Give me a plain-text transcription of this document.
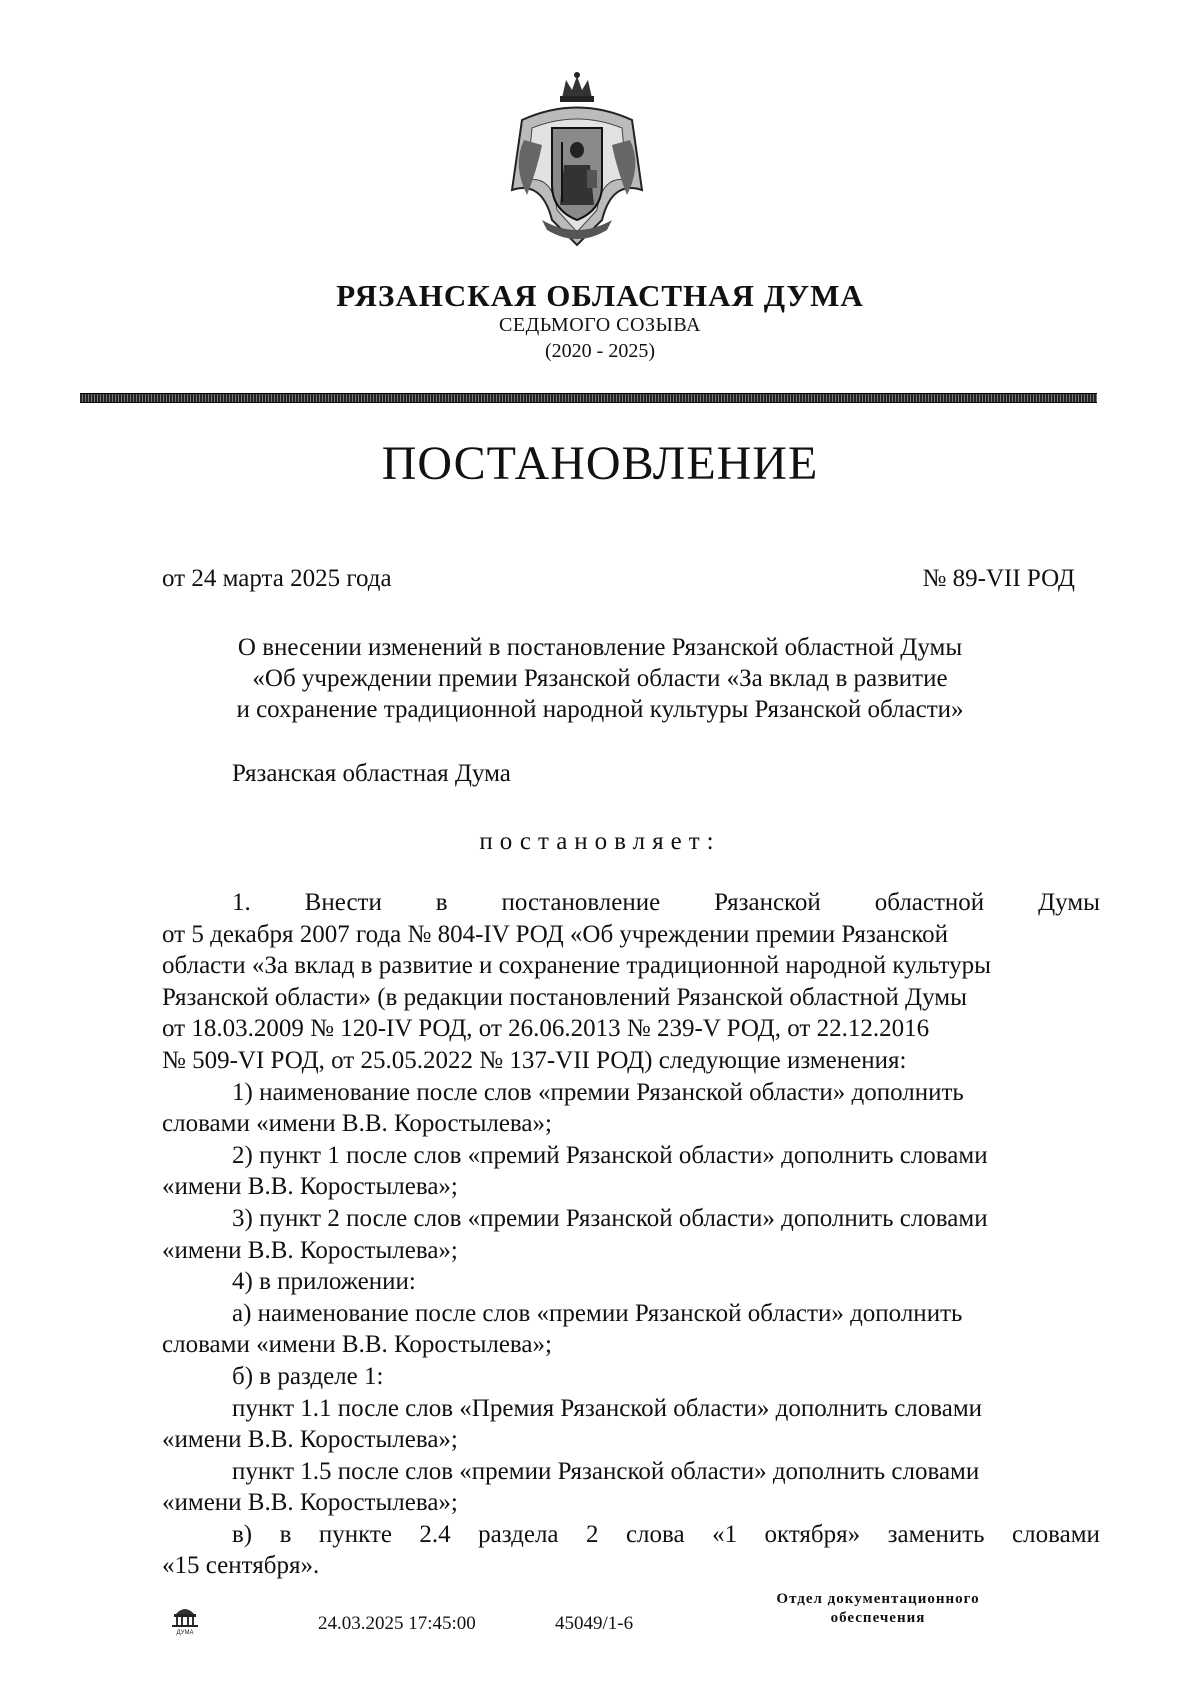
РЯЗАНСКАЯ ОБЛАСТНАЯ ДУМА
СЕДЬМОГО СОЗЫВА
(2020 - 2025)
ПОСТАНОВЛЕНИЕ
от 24 марта 2025 года	№ 89-VII РОД
О внесении изменений в постановление Рязанской областной Думы
«Об учреждении премии Рязанской области «За вклад в развитие
и сохранение традиционной народной культуры Рязанской области»
Рязанская областная Дума
постановляет:
1. Внести в постановление Рязанской областной Думы
от 5 декабря 2007 года № 804-IV РОД «Об учреждении премии Рязанской
области «За вклад в развитие и сохранение традиционной народной культуры
Рязанской области» (в редакции постановлений Рязанской областной Думы
от 18.03.2009 № 120-IV РОД, от 26.06.2013 № 239-V РОД, от 22.12.2016
№ 509-VI РОД, от 25.05.2022 № 137-VII РОД) следующие изменения:
1) наименование после слов «премии Рязанской области» дополнить
словами «имени В.В. Коростылева»;
2) пункт 1 после слов «премий Рязанской области» дополнить словами
«имени В.В. Коростылева»;
3) пункт 2 после слов «премии Рязанской области» дополнить словами
«имени В.В. Коростылева»;
4) в приложении:
а) наименование после слов «премии Рязанской области» дополнить
словами «имени В.В. Коростылева»;
б) в разделе 1:
пункт 1.1 после слов «Премия Рязанской области» дополнить словами
«имени В.В. Коростылева»;
пункт 1.5 после слов «премии Рязанской области» дополнить словами
«имени В.В. Коростылева»;
в) в пункте 2.4 раздела 2 слова «1 октября» заменить словами
«15 сентября».
ДУМА	24.03.2025 17:45:00	45049/1-6
Отдел документационного
обеспечения
